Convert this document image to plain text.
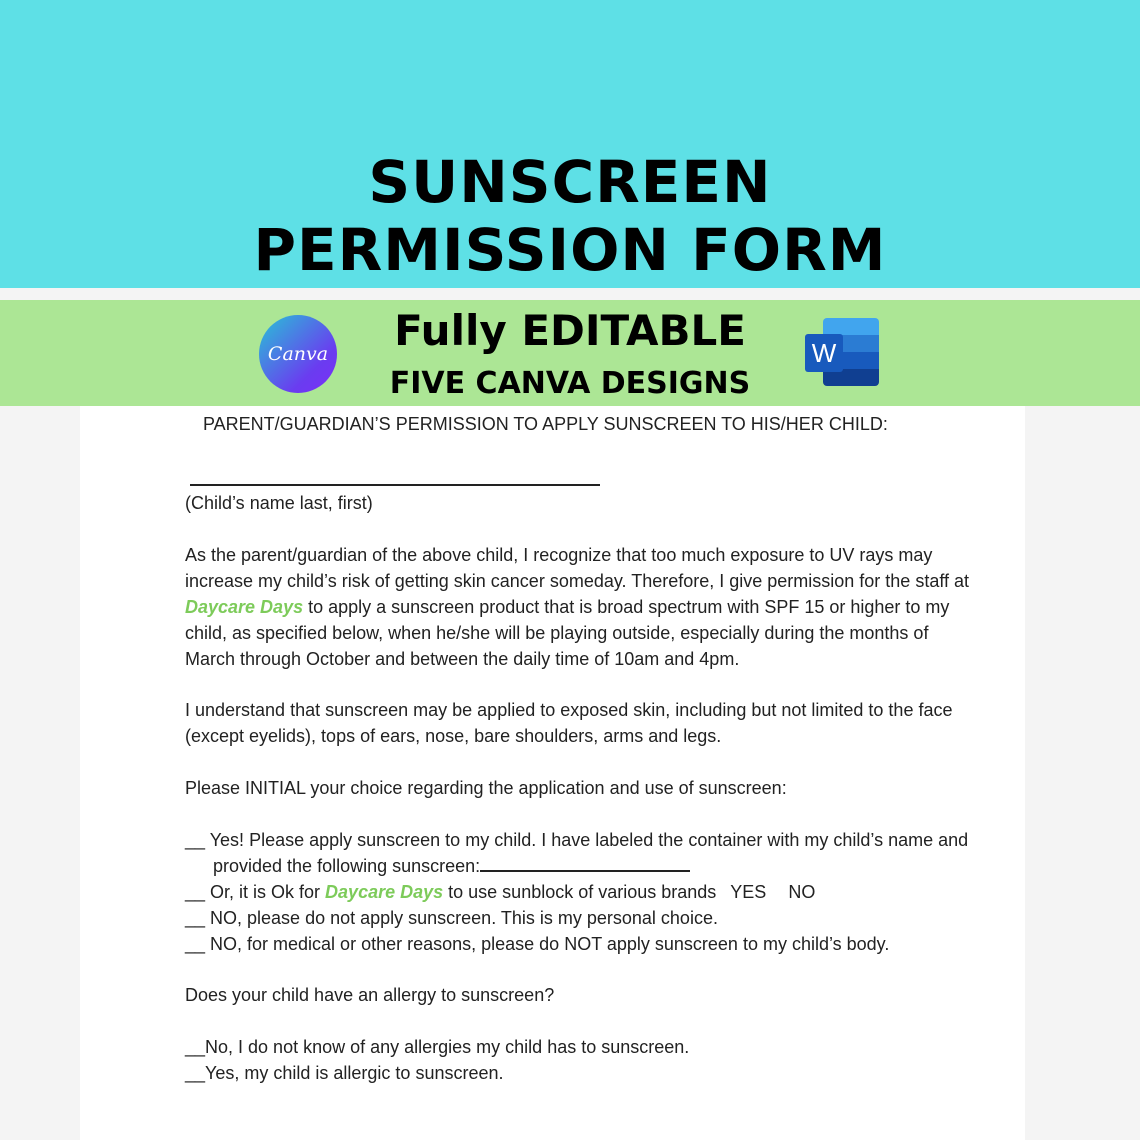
SUNSCREEN
PERMISSION FORM
Canva	Fully EDITABLE
FIVE CANVA DESIGNS
W
PARENT/GUARDIAN’S PERMISSION TO APPLY SUNSCREEN TO HIS/HER CHILD:
(Child’s name last, first)
As the parent/guardian of the above child, I recognize that too much exposure to UV rays may
increase my child’s risk of getting skin cancer someday. Therefore, I give permission for the staff at
Daycare Days to apply a sunscreen product that is broad spectrum with SPF 15 or higher to my
child, as specified below, when he/she will be playing outside, especially during the months of
March through October and between the daily time of 10am and 4pm.
I understand that sunscreen may be applied to exposed skin, including but not limited to the face
(except eyelids), tops of ears, nose, bare shoulders, arms and legs.
Please INITIAL your choice regarding the application and use of sunscreen:
__ Yes! Please apply sunscreen to my child. I have labeled the container with my child’s name and
provided the following sunscreen:
__ Or, it is Ok for Daycare Days to use sunblock of various brands YES NO
__ NO, please do not apply sunscreen. This is my personal choice.
__ NO, for medical or other reasons, please do NOT apply sunscreen to my child’s body.
Does your child have an allergy to sunscreen?
__No, I do not know of any allergies my child has to sunscreen.
__Yes, my child is allergic to sunscreen.
